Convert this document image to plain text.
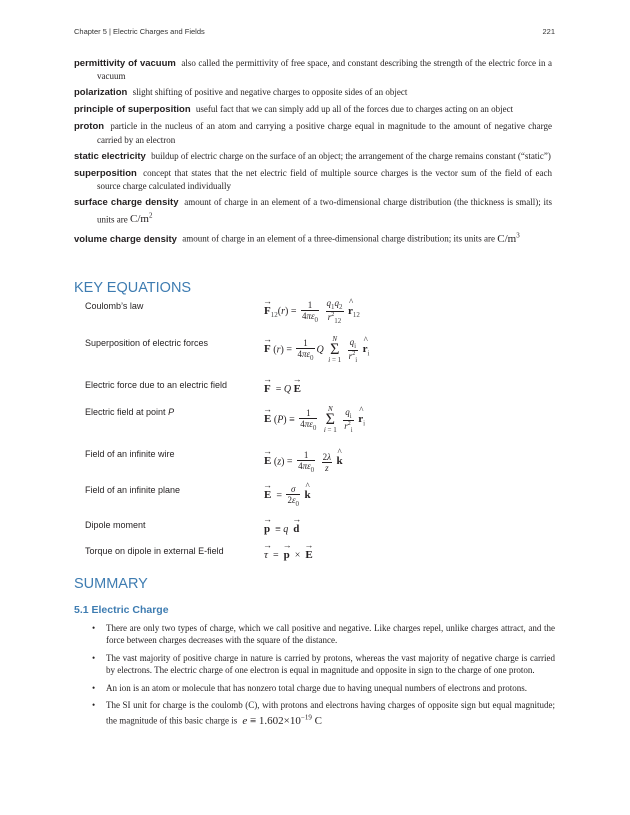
Chapter 5 | Electric Charges and Fields	221
permittivity of vacuum also called the permittivity of free space, and constant describing the strength of the electric force in a vacuum
polarization slight shifting of positive and negative charges to opposite sides of an object
principle of superposition useful fact that we can simply add up all of the forces due to charges acting on an object
proton particle in the nucleus of an atom and carrying a positive charge equal in magnitude to the amount of negative charge carried by an electron
static electricity buildup of electric charge on the surface of an object; the arrangement of the charge remains constant (“static”)
superposition concept that states that the net electric field of multiple source charges is the vector sum of the field of each source charge calculated individually
surface charge density amount of charge in an element of a two-dimensional charge distribution (the thickness is small); its units are $C/m^2$
volume charge density amount of charge in an element of a three-dimensional charge distribution; its units are $C/m^3$
KEY EQUATIONS
Coulomb’s law
Superposition of electric forces
Electric force due to an electric field
Electric field at point P
Field of an infinite wire
Field of an infinite plane
Dipole moment
Torque on dipole in external E-field
→ $F_{12}(r) = \frac{1}{4\pi\varepsilon_0}$
$\frac{q_1q_2}{r^2_{12}}$ ^ $r_{12}$
→ F $(r) = \frac{1}{4\pi\varepsilon_0}$ Q N
Σ
$i = 1 \frac{q_i}{r^2_i}$ ^ $r_i$
→ F  = Q → E
→ E $(P) \equiv \frac{1}{4\pi\varepsilon_0}$ N
Σ
$i = 1 \frac{q_i}{r^2_i}$ ^ $r_i$
→ E $(z) = \frac{1}{4\pi\varepsilon_0}$
$\frac{2\lambda}{z}$ ^ k
→ $E = \frac{\sigma}{2\varepsilon_0}$ ^ k
→ p  ≡ q → d
→ τ  =  → p  ×  → E
SUMMARY
5.1 Electric Charge
• There are only two types of charge, which we call positive and negative. Like charges repel, unlike charges attract, and the force between charges decreases with the square of the distance.
• The vast majority of positive charge in nature is carried by protons, whereas the vast majority of negative charge is carried by electrons. The electric charge of one electron is equal in magnitude and opposite in sign to the charge of one proton.
• An ion is an atom or molecule that has nonzero total charge due to having unequal numbers of electrons and protons.
• The SI unit for charge is the coulomb (C), with protons and electrons having charges of opposite sign but equal magnitude; the magnitude of this basic charge is $e \equiv 1.602\times 10^{-19}$ C
